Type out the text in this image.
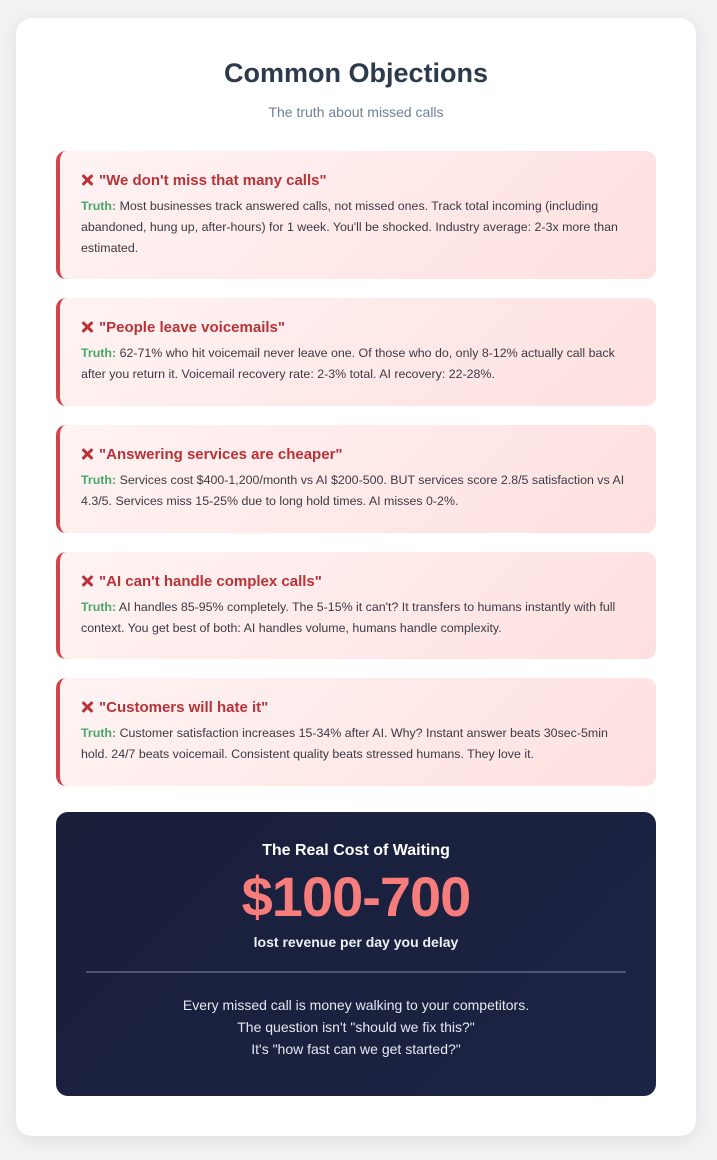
Common Objections

The truth about missed calls

"We don't miss that many calls"

Truth: Most businesses track answered calls, not missed ones. Track total incoming (including abandoned, hung up, after-hours) for 1 week. You'll be shocked. Industry average: 2-3x more than estimated.

"People leave voicemails"

Truth: 62-71% who hit voicemail never leave one. Of those who do, only 8-12% actually call back after you return it. Voicemail recovery rate: 2-3% total. AI recovery: 22-28%.

"Answering services are cheaper"

Truth: Services cost $400-1,200/month vs AI $200-500. BUT services score 2.8/5 satisfaction vs AI 4.3/5. Services miss 15-25% due to long hold times. AI misses 0-2%.

"AI can't handle complex calls"

Truth: AI handles 85-95% completely. The 5-15% it can't? It transfers to humans instantly with full context. You get best of both: AI handles volume, humans handle complexity.

"Customers will hate it"

Truth: Customer satisfaction increases 15-34% after AI. Why? Instant answer beats 30sec-5min hold. 24/7 beats voicemail. Consistent quality beats stressed humans. They love it.

The Real Cost of Waiting
$100-700
lost revenue per day you delay
Every missed call is money walking to your competitors.
The question isn't "should we fix this?"
It's "how fast can we get started?"
